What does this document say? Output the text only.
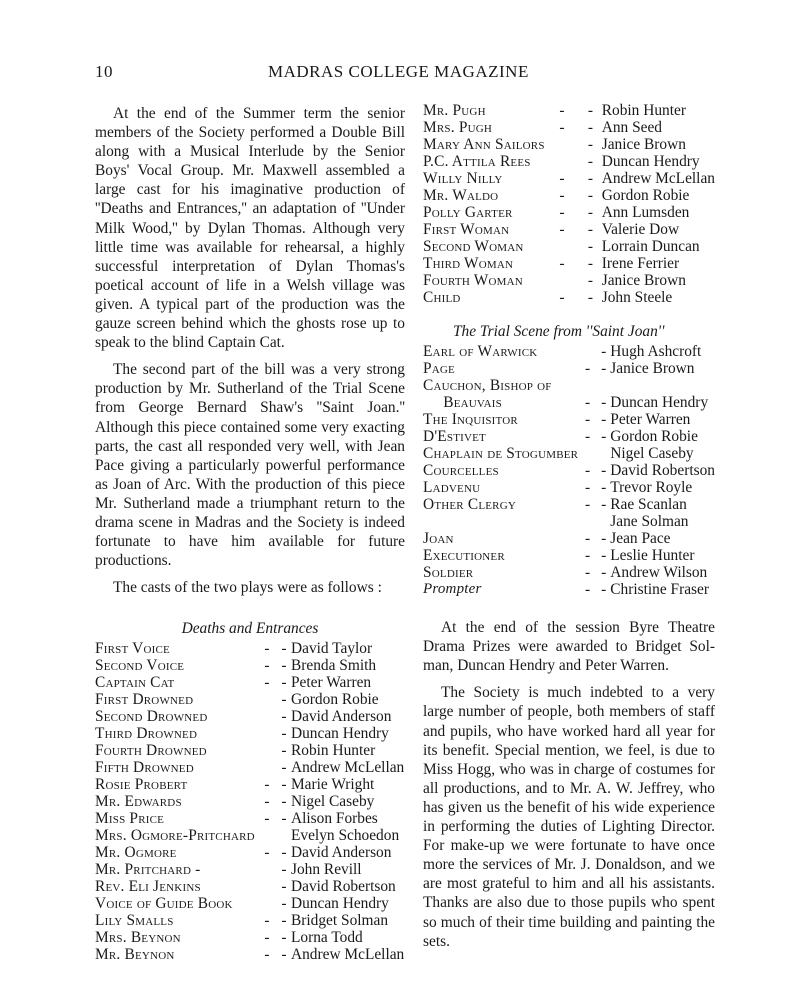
10	MADRAS COLLEGE MAGAZINE

At the end of the Summer term the senior members of the Society performed a Double Bill along with a Musical Interlude by the Senior Boys' Vocal Group. Mr. Maxwell assembled a large cast for his imaginative production of ''Deaths and Entrances,'' an adaptation of ''Under Milk Wood,'' by Dylan Thomas. Although very little time was available for rehearsal, a highly successful interpretation of Dylan Thomas's poetical account of life in a Welsh village was given. A typical part of the production was the gauze screen behind which the ghosts rose up to speak to the blind Captain Cat.

The second part of the bill was a very strong production by Mr. Sutherland of the Trial Scene from George Bernard Shaw's ''Saint Joan.'' Although this piece contained some very exacting parts, the cast all responded very well, with Jean Pace giving a particularly powerful performance as Joan of Arc. With the production of this piece Mr. Sutherland made a triumphant return to the drama scene in Madras and the Society is indeed fortunate to have him available for future productions.

The casts of the two plays were as follows :

Deaths and Entrances

First Voice	-	-	David Taylor
Second Voice	-	-	Brenda Smith
Captain Cat	-	-	Peter Warren
First Drowned		-	Gordon Robie
Second Drowned		-	David Anderson
Third Drowned		-	Duncan Hendry
Fourth Drowned		-	Robin Hunter
Fifth Drowned		-	Andrew McLellan
Rosie Probert	-	-	Marie Wright
Mr. Edwards	-	-	Nigel Caseby
Miss Price	-	-	Alison Forbes
Mrs. Ogmore-Pritchard			Evelyn Schoedon
Mr. Ogmore	-	-	David Anderson
Mr. Pritchard -		-	John Revill
Rev. Eli Jenkins		-	David Robertson
Voice of Guide Book		-	Duncan Hendry
Lily Smalls	-	-	Bridget Solman
Mrs. Beynon	-	-	Lorna Todd
Mr. Beynon	-	-	Andrew McLellan
Mr. Pugh	-	-	Robin Hunter
Mrs. Pugh	-	-	Ann Seed
Mary Ann Sailors		-	Janice Brown
P.C. Attila Rees		-	Duncan Hendry
Willy Nilly	-	-	Andrew McLellan
Mr. Waldo	-	-	Gordon Robie
Polly Garter	-	-	Ann Lumsden
First Woman	-	-	Valerie Dow
Second Woman		-	Lorrain Duncan
Third Woman	-	-	Irene Ferrier
Fourth Woman		-	Janice Brown
Child	-	-	John Steele

The Trial Scene from ''Saint Joan''

Earl of Warwick		-	Hugh Ashcroft
Page	-	-	Janice Brown
Cauchon, Bishop of			
Beauvais	-	-	Duncan Hendry
The Inquisitor	-	-	Peter Warren
D'Estivet	-	-	Gordon Robie
Chaplain de Stogumber			Nigel Caseby
Courcelles	-	-	David Robertson
Ladvenu	-	-	Trevor Royle
Other Clergy	-	-	Rae Scanlan
			Jane Solman
Joan	-	-	Jean Pace
Executioner	-	-	Leslie Hunter
Soldier	-	-	Andrew Wilson
Prompter	-	-	Christine Fraser

At the end of the session Byre Theatre Drama Prizes were awarded to Bridget Solman, Duncan Hendry and Peter Warren.

The Society is much indebted to a very large number of people, both members of staff and pupils, who have worked hard all year for its benefit. Special mention, we feel, is due to Miss Hogg, who was in charge of costumes for all productions, and to Mr. A. W. Jeffrey, who has given us the benefit of his wide experience in performing the duties of Lighting Director. For make-up we were fortunate to have once more the services of Mr. J. Donaldson, and we are most grateful to him and all his assistants. Thanks are also due to those pupils who spent so much of their time building and painting the sets.
